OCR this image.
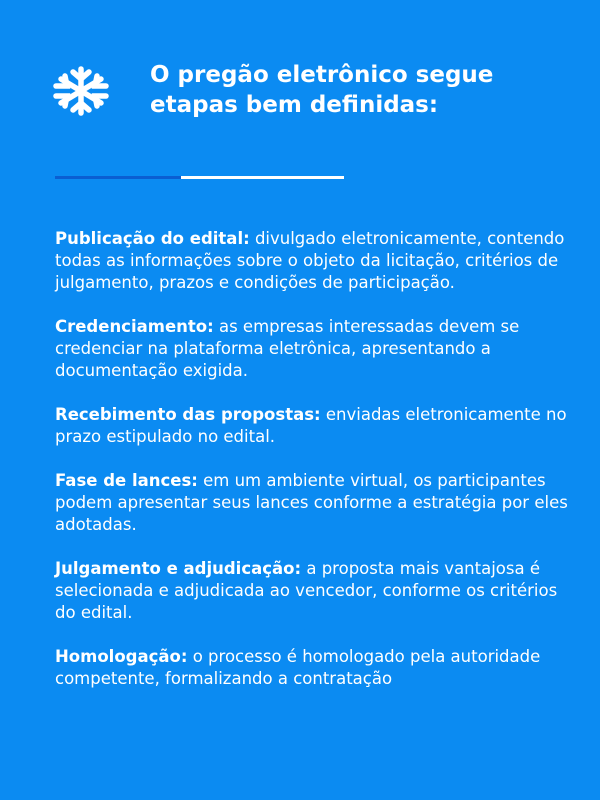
O pregão eletrônico segue etapas bem definidas:

Publicação do edital: divulgado eletronicamente, contendo todas as informações sobre o objeto da licitação, critérios de julgamento, prazos e condições de participação.

Credenciamento: as empresas interessadas devem se credenciar na plataforma eletrônica, apresentando a documentação exigida.

Recebimento das propostas: enviadas eletronicamente no prazo estipulado no edital.

Fase de lances: em um ambiente virtual, os participantes podem apresentar seus lances conforme a estratégia por eles adotadas.

Julgamento e adjudicação: a proposta mais vantajosa é selecionada e adjudicada ao vencedor, conforme os critérios do edital.

Homologação: o processo é homologado pela autoridade competente, formalizando a contratação
